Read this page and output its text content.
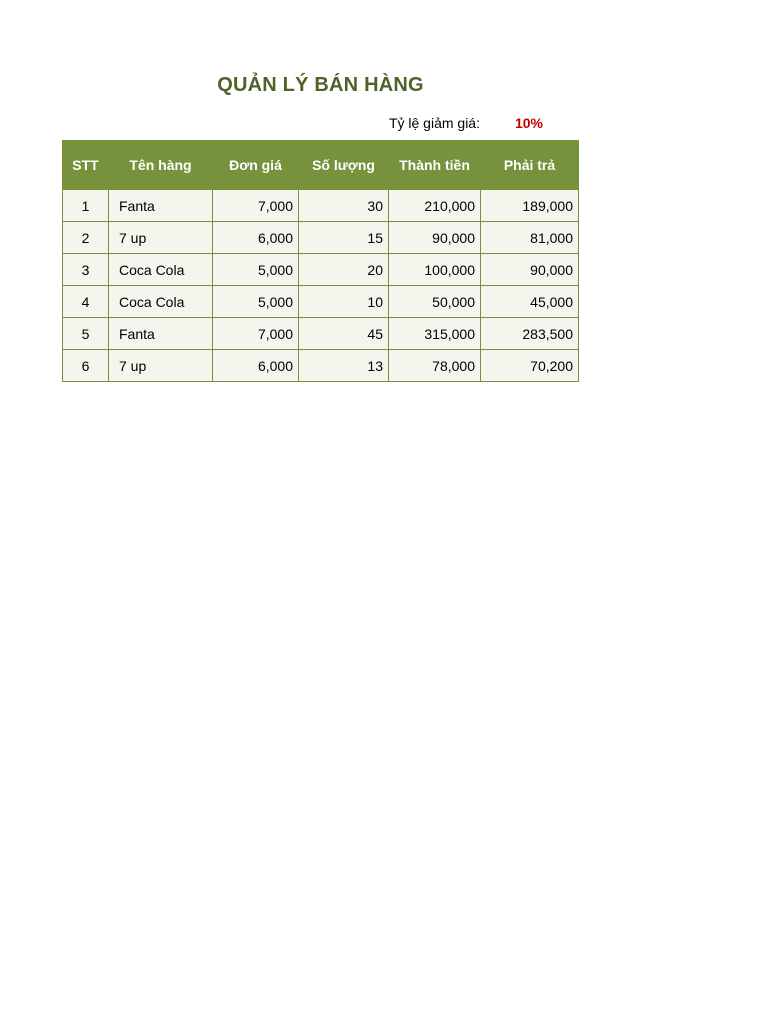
QUẢN LÝ BÁN HÀNG
Tỷ lệ giảm giá:	10%
STT	Tên hàng	Đơn giá	Số lượng	Thành tiền	Phải trả
1	Fanta	7,000	30	210,000	189,000
2	7 up	6,000	15	90,000	81,000
3	Coca Cola	5,000	20	100,000	90,000
4	Coca Cola	5,000	10	50,000	45,000
5	Fanta	7,000	45	315,000	283,500
6	7 up	6,000	13	78,000	70,200
